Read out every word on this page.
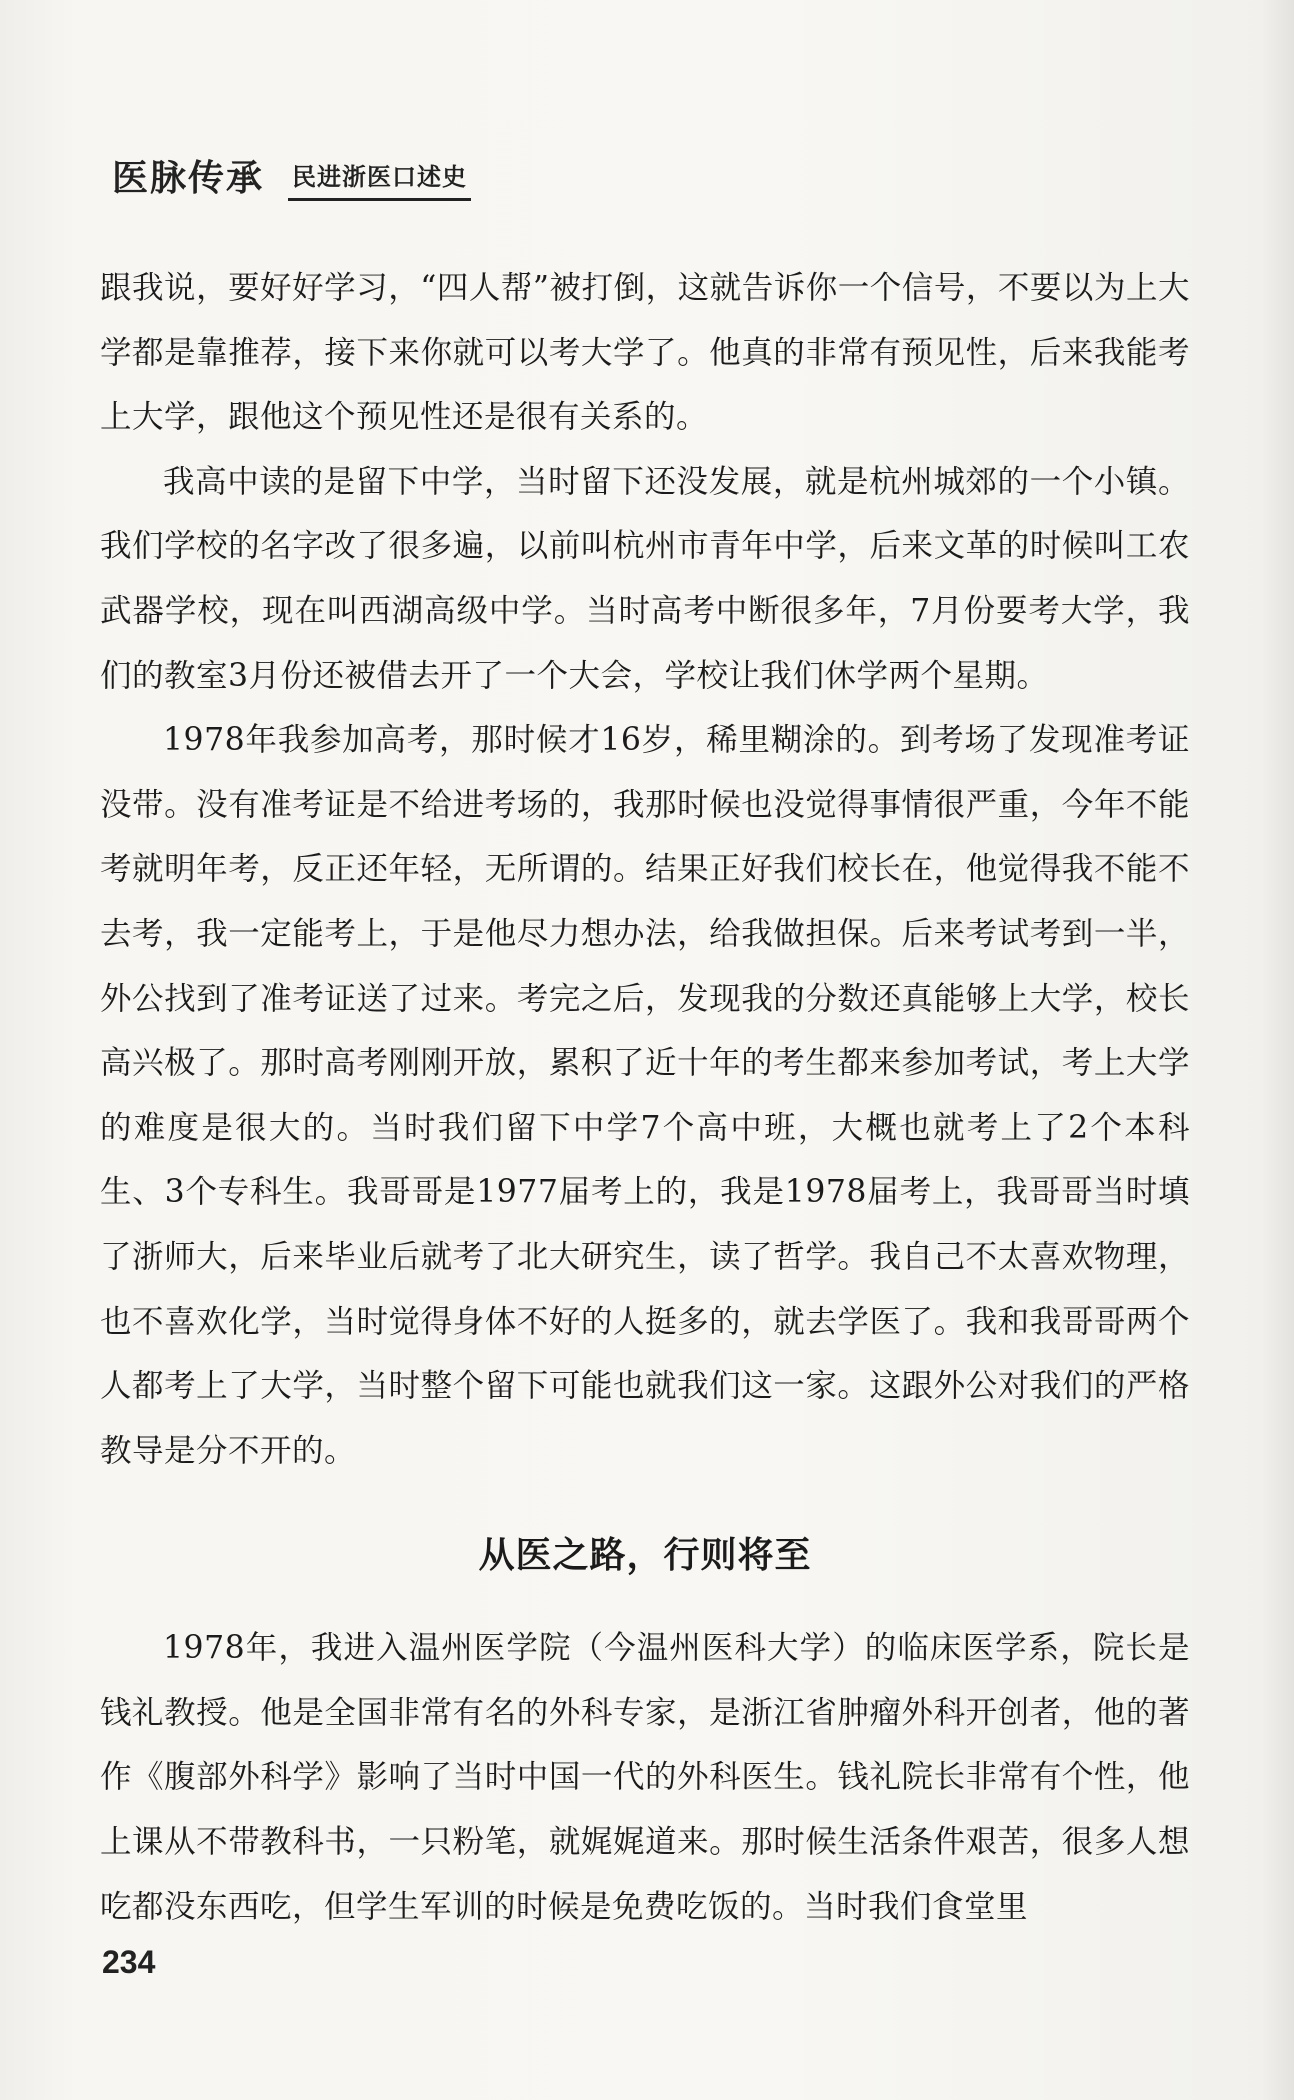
医脉传承 民进浙医口述史

跟我说，要好好学习，“四人帮”被打倒，这就告诉你一个信号，不要以为上大学都是靠推荐，接下来你就可以考大学了。他真的非常有预见性，后来我能考上大学，跟他这个预见性还是很有关系的。

我高中读的是留下中学，当时留下还没发展，就是杭州城郊的一个小镇。我们学校的名字改了很多遍，以前叫杭州市青年中学，后来文革的时候叫工农武器学校，现在叫西湖高级中学。当时高考中断很多年，7月份要考大学，我们的教室3月份还被借去开了一个大会，学校让我们休学两个星期。

1978年我参加高考，那时候才16岁，稀里糊涂的。到考场了发现准考证没带。没有准考证是不给进考场的，我那时候也没觉得事情很严重，今年不能考就明年考，反正还年轻，无所谓的。结果正好我们校长在，他觉得我不能不去考，我一定能考上，于是他尽力想办法，给我做担保。后来考试考到一半，外公找到了准考证送了过来。考完之后，发现我的分数还真能够上大学，校长高兴极了。那时高考刚刚开放，累积了近十年的考生都来参加考试，考上大学的难度是很大的。当时我们留下中学7个高中班，大概也就考上了2个本科生、3个专科生。我哥哥是1977届考上的，我是1978届考上，我哥哥当时填了浙师大，后来毕业后就考了北大研究生，读了哲学。我自己不太喜欢物理，也不喜欢化学，当时觉得身体不好的人挺多的，就去学医了。我和我哥哥两个人都考上了大学，当时整个留下可能也就我们这一家。这跟外公对我们的严格教导是分不开的。

从医之路，行则将至

1978年，我进入温州医学院（今温州医科大学）的临床医学系，院长是钱礼教授。他是全国非常有名的外科专家，是浙江省肿瘤外科开创者，他的著作《腹部外科学》影响了当时中国一代的外科医生。钱礼院长非常有个性，他上课从不带教科书，一只粉笔，就娓娓道来。那时候生活条件艰苦，很多人想吃都没东西吃，但学生军训的时候是免费吃饭的。当时我们食堂里

234
